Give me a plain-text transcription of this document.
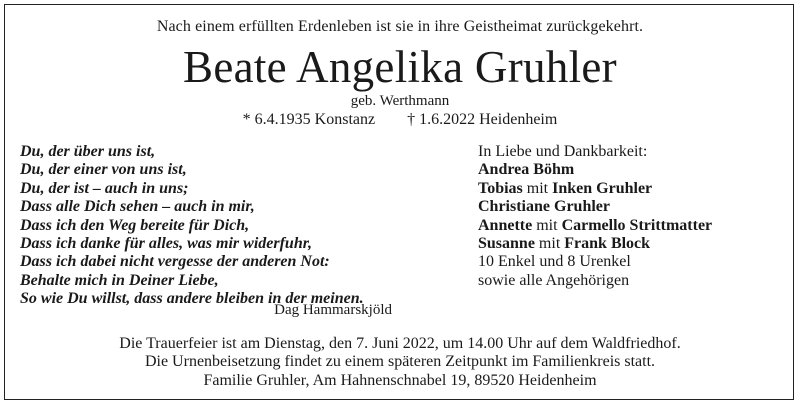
Nach einem erfüllten Erdenleben ist sie in ihre Geistheimat zurückgekehrt.
Beate Angelika Gruhler
geb. Werthmann
* 6.4.1935 Konstanz † 1.6.2022 Heidenheim
Du, der über uns ist,
Du, der einer von uns ist,
Du, der ist – auch in uns;
Dass alle Dich sehen – auch in mir,
Dass ich den Weg bereite für Dich,
Dass ich danke für alles, was mir widerfuhr,
Dass ich dabei nicht vergesse der anderen Not:
Behalte mich in Deiner Liebe,
So wie Du willst, dass andere bleiben in der meinen.
Dag Hammarskjöld
In Liebe und Dankbarkeit:
Andrea Böhm
Tobias mit Inken Gruhler
Christiane Gruhler
Annette mit Carmello Strittmatter
Susanne mit Frank Block
10 Enkel und 8 Urenkel
sowie alle Angehörigen
Die Trauerfeier ist am Dienstag, den 7. Juni 2022, um 14.00 Uhr auf dem Waldfriedhof.
Die Urnenbeisetzung findet zu einem späteren Zeitpunkt im Familienkreis statt.
Familie Gruhler, Am Hahnenschnabel 19, 89520 Heidenheim
